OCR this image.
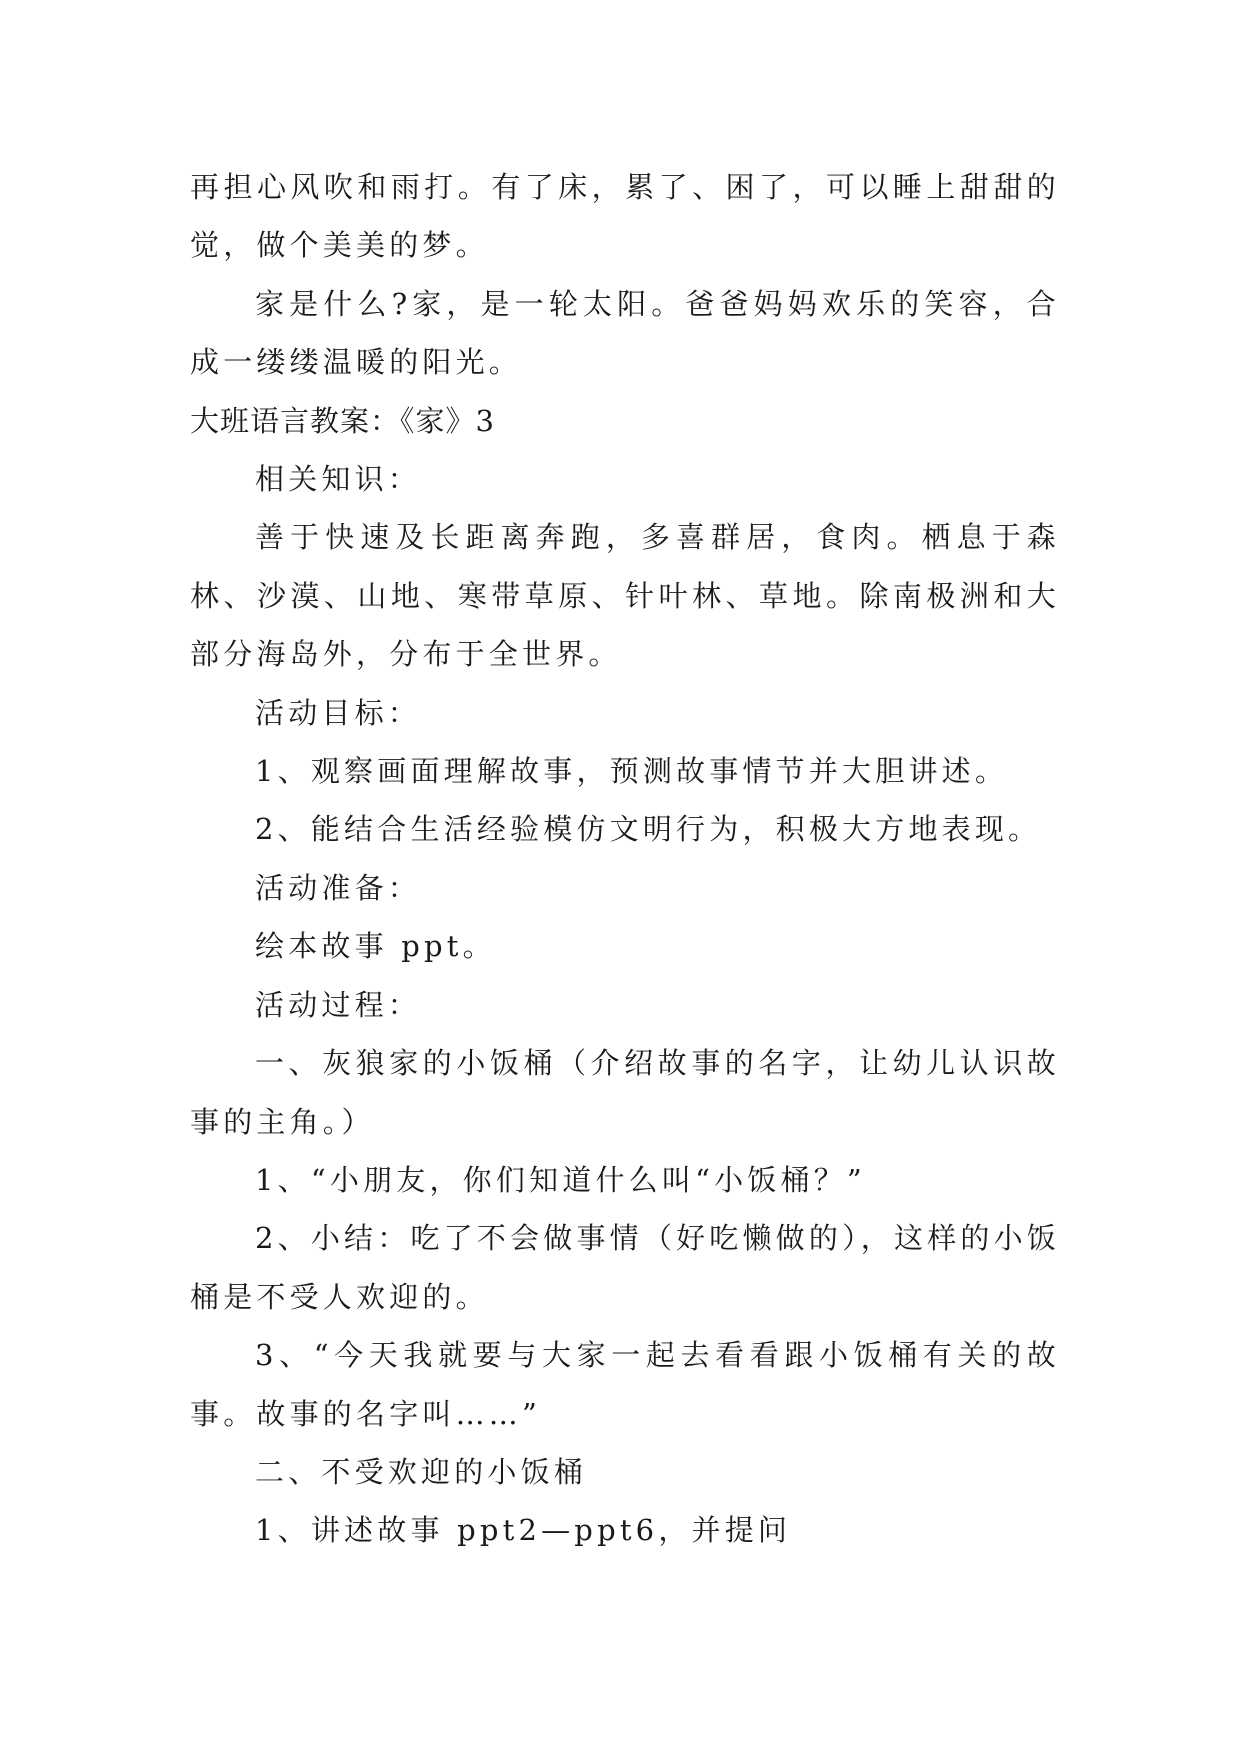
再担心风吹和雨打。有了床，累了、困了，可以睡上甜甜的觉，做个美美的梦。

家是什么?家，是一轮太阳。爸爸妈妈欢乐的笑容，合成一缕缕温暖的阳光。

大班语言教案：《家》3

相关知识：

善于快速及长距离奔跑，多喜群居，食肉。栖息于森林、沙漠、山地、寒带草原、针叶林、草地。除南极洲和大部分海岛外，分布于全世界。

活动目标：

1、观察画面理解故事，预测故事情节并大胆讲述。

2、能结合生活经验模仿文明行为，积极大方地表现。

活动准备：

绘本故事 ppt。

活动过程：

一、灰狼家的小饭桶（介绍故事的名字，让幼儿认识故事的主角。）

1、“小朋友，你们知道什么叫“小饭桶？”

2、小结：吃了不会做事情（好吃懒做的），这样的小饭桶是不受人欢迎的。

3、“今天我就要与大家一起去看看跟小饭桶有关的故事。故事的名字叫……”

二、不受欢迎的小饭桶

1、讲述故事 ppt2—ppt6，并提问
